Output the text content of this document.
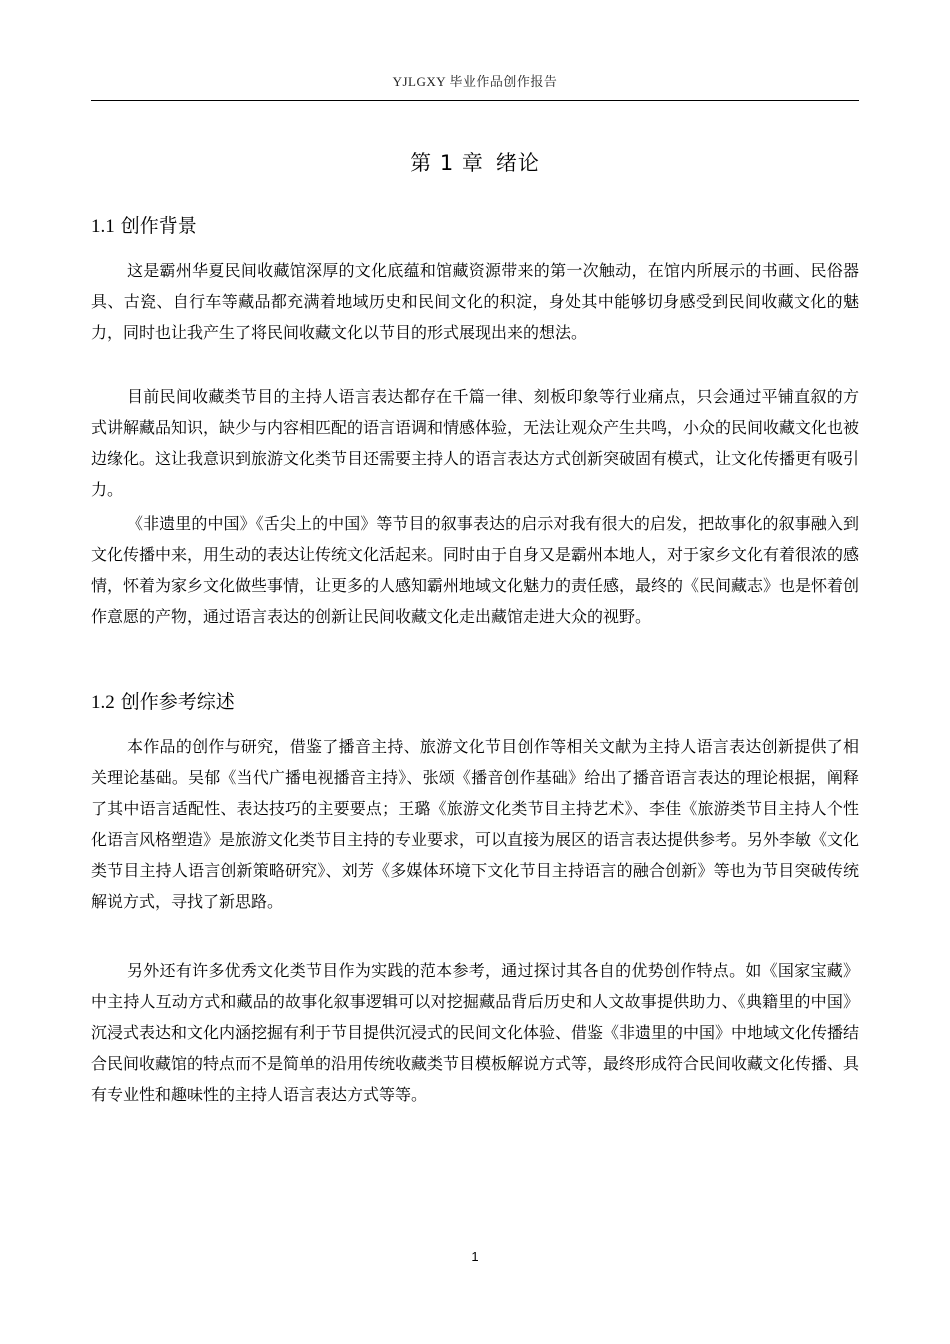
YJLGXY 毕业作品创作报告
第 1 章 绪论
1.1 创作背景

这是霸州华夏民间收藏馆深厚的文化底蕴和馆藏资源带来的第一次触动，在馆内所展示的书画、民俗器具、古瓷、自行车等藏品都充满着地域历史和民间文化的积淀，身处其中能够切身感受到民间收藏文化的魅力，同时也让我产生了将民间收藏文化以节目的形式展现出来的想法。

目前民间收藏类节目的主持人语言表达都存在千篇一律、刻板印象等行业痛点，只会通过平铺直叙的方式讲解藏品知识，缺少与内容相匹配的语言语调和情感体验，无法让观众产生共鸣，小众的民间收藏文化也被边缘化。这让我意识到旅游文化类节目还需要主持人的语言表达方式创新突破固有模式，让文化传播更有吸引力。

《非遗里的中国》《舌尖上的中国》等节目的叙事表达的启示对我有很大的启发，把故事化的叙事融入到文化传播中来，用生动的表达让传统文化活起来。同时由于自身又是霸州本地人，对于家乡文化有着很浓的感情，怀着为家乡文化做些事情，让更多的人感知霸州地域文化魅力的责任感，最终的《民间藏志》也是怀着创作意愿的产物，通过语言表达的创新让民间收藏文化走出藏馆走进大众的视野。

1.2 创作参考综述

本作品的创作与研究，借鉴了播音主持、旅游文化节目创作等相关文献为主持人语言表达创新提供了相关理论基础。吴郁《当代广播电视播音主持》、张颂《播音创作基础》给出了播音语言表达的理论根据，阐释了其中语言适配性、表达技巧的主要要点；王璐《旅游文化类节目主持艺术》、李佳《旅游类节目主持人个性化语言风格塑造》是旅游文化类节目主持的专业要求，可以直接为展区的语言表达提供参考。另外李敏《文化类节目主持人语言创新策略研究》、刘芳《多媒体环境下文化节目主持语言的融合创新》等也为节目突破传统解说方式，寻找了新思路。

另外还有许多优秀文化类节目作为实践的范本参考，通过探讨其各自的优势创作特点。如《国家宝藏》中主持人互动方式和藏品的故事化叙事逻辑可以对挖掘藏品背后历史和人文故事提供助力、《典籍里的中国》沉浸式表达和文化内涵挖掘有利于节目提供沉浸式的民间文化体验、借鉴《非遗里的中国》中地域文化传播结合民间收藏馆的特点而不是简单的沿用传统收藏类节目模板解说方式等，最终形成符合民间收藏文化传播、具有专业性和趣味性的主持人语言表达方式等等。

1
